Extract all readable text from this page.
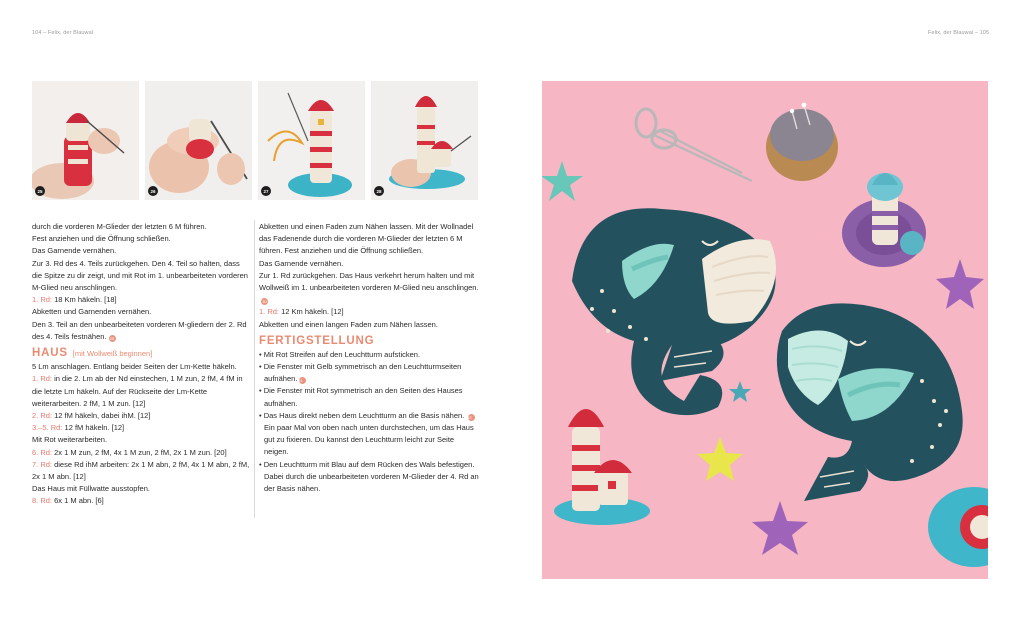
104 – Felix, der Blauwal	Felix, der Blauwal – 105
25	26	27	28
durch die vorderen M-Glieder der letzten 6 M führen.
Fest anziehen und die Öffnung schließen.
Das Garnende vernähen.
Zur 3. Rd des 4. Teils zurückgehen. Den 4. Teil so halten, dass die Spitze zu dir zeigt, und mit Rot im 1. unbearbeiteten vorderen M-Glied neu anschlingen.
1. Rd: 18 Km häkeln. [18]
Abketten und Garnenden vernähen.
Den 3. Teil an den unbearbeiteten vorderen M-gliedern der 2. Rd des 4. Teils festnähen. 29
HAUS [mit Wollweiß beginnen]
5 Lm anschlagen. Entlang beider Seiten der Lm-Kette häkeln.
1. Rd: in die 2. Lm ab der Nd einstechen, 1 M zun, 2 fM, 4 fM in die letzte Lm häkeln. Auf der Rückseite der Lm-Kette weiterarbeiten. 2 fM, 1 M zun. [12]
2. Rd: 12 fM häkeln, dabei ihM. [12]
3.–5. Rd: 12 fM häkeln. [12]
Mit Rot weiterarbeiten.
6. Rd: 2x 1 M zun, 2 fM, 4x 1 M zun, 2 fM, 2x 1 M zun. [20]
7. Rd: diese Rd ihM arbeiten: 2x 1 M abn, 2 fM, 4x 1 M abn, 2 fM, 2x 1 M abn. [12]
Das Haus mit Füllwatte ausstopfen.
8. Rd: 6x 1 M abn. [6]
Abketten und einen Faden zum Nähen lassen. Mit der Wollnadel das Fadenende durch die vorderen M-Glieder der letzten 6 M führen. Fest anziehen und die Öffnung schließen.
Das Garnende vernähen.
Zur 1. Rd zurückgehen. Das Haus verkehrt herum halten und mit Wollweiß im 1. unbearbeiteten vorderen M-Glied neu anschlingen.30
1. Rd: 12 Km häkeln. [12]
Abketten und einen langen Faden zum Nähen lassen.
FERTIGSTELLUNG
• Mit Rot Streifen auf den Leuchtturm aufsticken.
• Die Fenster mit Gelb symmetrisch an den Leuchtturmseiten aufnähen.31
• Die Fenster mit Rot symmetrisch an den Seiten des Hauses aufnähen.
• Das Haus direkt neben dem Leuchtturm an die Basis nähen. 32 Ein paar Mal von oben nach unten durchstechen, um das Haus gut zu fixieren. Du kannst den Leuchtturm leicht zur Seite neigen.
• Den Leuchtturm mit Blau auf dem Rücken des Wals befestigen. Dabei durch die unbearbeiteten vorderen M-Glieder der 4. Rd an der Basis nähen.
